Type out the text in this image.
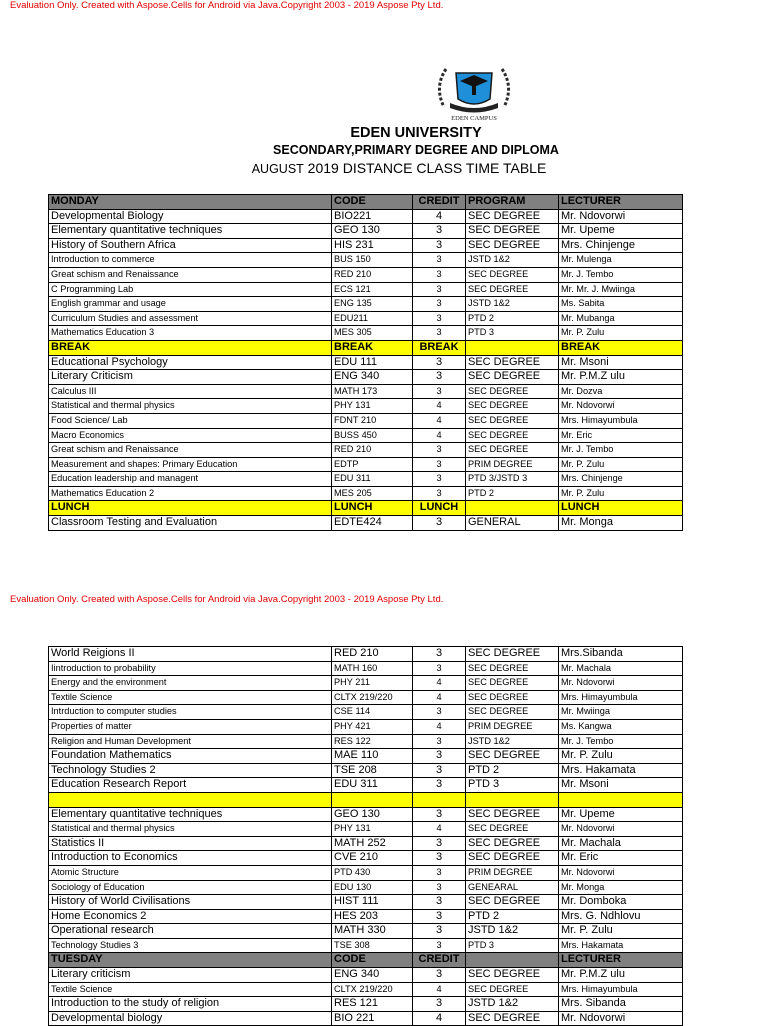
Evaluation Only. Created with Aspose.Cells for Android via Java.Copyright 2003 - 2019 Aspose Pty Ltd.
EDEN CAMPUS
EDEN UNIVERSITY
SECONDARY,PRIMARY DEGREE AND DIPLOMA
AUGUST 2019 DISTANCE CLASS TIME TABLE
MONDAY	CODE	CREDIT	PROGRAM	LECTURER
Developmental Biology	BIO221	4	SEC DEGREE	Mr. Ndovorwi
Elementary quantitative techniques	GEO 130	3	SEC DEGREE	Mr. Upeme
History of Southern Africa	HIS 231	3	SEC DEGREE	Mrs. Chinjenge
Introduction to commerce	BUS 150	3	JSTD 1&2	Mr. Mulenga
Great schism and Renaissance	RED 210	3	SEC DEGREE	Mr. J. Tembo
C Programming Lab	ECS 121	3	SEC DEGREE	Mr. Mr. J. Mwiinga
English grammar and usage	ENG 135	3	JSTD 1&2	Ms. Sabita
Curriculum Studies and assessment	EDU211	3	PTD 2	Mr. Mubanga
Mathematics Education 3	MES 305	3	PTD 3	Mr. P. Zulu
BREAK	BREAK	BREAK		BREAK
Educational Psychology	EDU 111	3	SEC DEGREE	Mr. Msoni
Literary Criticism	ENG 340	3	SEC DEGREE	Mr. P.M.Z ulu
Calculus III	MATH 173	3	SEC DEGREE	Mr. Dozva
Statistical and thermal physics	PHY 131	4	SEC DEGREE	Mr. Ndovorwi
Food Science/ Lab	FDNT 210	4	SEC DEGREE	Mrs. Himayumbula
Macro Economics	BUSS 450	4	SEC DEGREE	Mr. Eric
Great schism and Renaissance	RED 210	3	SEC DEGREE	Mr. J. Tembo
Measurement and shapes: Primary Education	EDTP	3	PRIM DEGREE	Mr. P. Zulu
Education leadership and managent	EDU 311	3	PTD 3/JSTD 3	Mrs. Chinjenge
Mathematics Education 2	MES 205	3	PTD 2	Mr. P. Zulu
LUNCH	LUNCH	LUNCH		LUNCH
Classroom Testing and Evaluation	EDTE424	3	GENERAL	Mr. Monga
Evaluation Only. Created with Aspose.Cells for Android via Java.Copyright 2003 - 2019 Aspose Pty Ltd.
World Reigions II	RED 210	3	SEC DEGREE	Mrs.Sibanda
Iintroduction to probability	MATH 160	3	SEC DEGREE	Mr. Machala
Energy and the environment	PHY 211	4	SEC DEGREE	Mr. Ndovorwi
Textile Science	CLTX 219/220	4	SEC DEGREE	Mrs. Himayumbula
Intrduction to computer studies	CSE 114	3	SEC DEGREE	Mr. Mwiinga
Properties of matter	PHY 421	4	PRIM DEGREE	Ms. Kangwa
Religion and Human Development	RES 122	3	JSTD 1&2	Mr. J. Tembo
Foundation Mathematics	MAE 110	3	SEC DEGREE	Mr. P. Zulu
Technology Studies 2	TSE 208	3	PTD 2	Mrs. Hakamata
Education Research Report	EDU 311	3	PTD 3	Mr. Msoni

Elementary quantitative techniques	GEO 130	3	SEC DEGREE	Mr. Upeme
Statistical and thermal physics	PHY 131	4	SEC DEGREE	Mr. Ndovorwi
Statistics II	MATH 252	3	SEC DEGREE	Mr. Machala
Introduction to Economics	CVE 210	3	SEC DEGREE	Mr. Eric
Atomic Structure	PTD 430	3	PRIM DEGREE	Mr. Ndovorwi
Sociology of Education	EDU 130	3	GENEARAL	Mr. Monga
History of World Civilisations	HIST 111	3	SEC DEGREE	Mr. Domboka
Home Economics 2	HES 203	3	PTD 2	Mrs. G. Ndhlovu
Operational research	MATH 330	3	JSTD 1&2	Mr. P. Zulu
Technology Studies 3	TSE 308	3	PTD 3	Mrs. Hakamata
TUESDAY	CODE	CREDIT		LECTURER
Literary criticism	ENG 340	3	SEC DEGREE	Mr. P.M.Z ulu
Textile Science	CLTX 219/220	4	SEC DEGREE	Mrs. Himayumbula
Introduction to the study of religion	RES 121	3	JSTD 1&2	Mrs. Sibanda
Developmental biology	BIO 221	4	SEC DEGREE	Mr. Ndovorwi
